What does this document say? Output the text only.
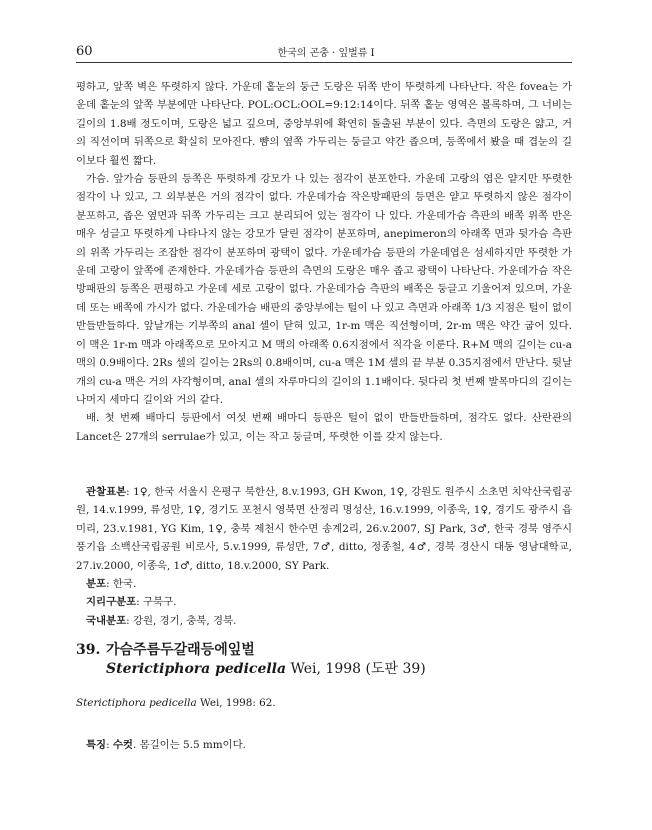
60	한국의 곤충 · 잎벌류 I

평하고, 앞쪽 벽은 뚜렷하지 않다. 가운데 홑눈의 둥근 도랑은 뒤쪽 반이 뚜렷하게 나타난다. 작은 fovea는 가운데 홑눈의 앞쪽 부분에만 나타난다. POL:OCL:OOL=9:12:14이다. 뒤쪽 홑눈 영역은 볼록하며, 그 너비는 길이의 1.8배 정도이며, 도랑은 넓고 깊으며, 중앙부위에 확연히 돌출된 부분이 있다. 측면의 도랑은 얇고, 거의 직선이며 뒤쪽으로 확실히 모아진다. 뺨의 옆쪽 가두리는 둥글고 약간 좁으며, 등쪽에서 봤을 때 겹눈의 길이보다 훨씬 짧다.

가슴. 앞가슴 등판의 등쪽은 뚜렷하게 강모가 나 있는 점각이 분포한다. 가운데 고랑의 엽은 얕지만 뚜렷한 점각이 나 있고, 그 외부분은 거의 점각이 없다. 가운데가슴 작은방패판의 등면은 얕고 뚜렷하지 않은 점각이 분포하고, 좁은 옆면과 뒤쪽 가두리는 크고 분리되어 있는 점각이 나 있다. 가운데가슴 측판의 배쪽 위쪽 반은 매우 성글고 뚜렷하게 나타나지 않는 강모가 달린 점각이 분포하며, anepimeron의 아래쪽 면과 뒷가슴 측판의 위쪽 가두리는 조잡한 점각이 분포하며 광택이 없다. 가운데가슴 등판의 가운데엽은 섬세하지만 뚜렷한 가운데 고랑이 앞쪽에 존재한다. 가운데가슴 등판의 측면의 도랑은 매우 좁고 광택이 나타난다. 가운데가슴 작은방패판의 등쪽은 편평하고 가운데 세로 고랑이 없다. 가운데가슴 측판의 배쪽은 둥글고 기울어져 있으며, 가운데 또는 배쪽에 가시가 없다. 가운데가슴 배판의 중앙부에는 털이 나 있고 측면과 아래쪽 1/3 지점은 털이 없이 반들반들하다. 앞날개는 기부쪽의 anal 셀이 닫혀 있고, 1r-m 맥은 직선형이며, 2r-m 맥은 약간 굽어 있다. 이 맥은 1r-m 맥과 아래쪽으로 모아지고 M 맥의 아래쪽 0.6지점에서 직각을 이룬다. R+M 맥의 길이는 cu-a 맥의 0.9배이다. 2Rs 셀의 길이는 2Rs의 0.8배이며, cu-a 맥은 1M 셀의 끝 부분 0.35지점에서 만난다. 뒷날개의 cu-a 맥은 거의 사각형이며, anal 셀의 자루마디의 길이의 1.1배이다. 뒷다리 첫 번째 발목마디의 길이는 나머지 세마디 길이와 거의 같다.

배. 첫 번째 배마디 등판에서 여섯 번째 배마디 등판은 털이 없이 반들반들하며, 점각도 없다. 산란관의 Lancet은 27개의 serrulae가 있고, 이는 작고 둥글며, 뚜렷한 이를 갖지 않는다.

관찰표본: 1♀, 한국 서울시 은평구 북한산, 8.v.1993, GH Kwon, 1♀, 강원도 원주시 소초면 치악산국립공원, 14.v.1999, 류성만, 1♀, 경기도 포천시 영북면 산정리 명성산, 16.v.1999, 이종욱, 1♀, 경기도 광주시 읍미리, 23.v.1981, YG Kim, 1♀, 충북 제천시 한수면 송계2리, 26.v.2007, SJ Park, 3♂, 한국 경북 영주시 풍기읍 소백산국립공원 비로사, 5.v.1999, 류성만, 7♂, ditto, 정종철, 4♂, 경북 경산시 대동 영남대학교, 27.iv.2000, 이종욱, 1♂, ditto, 18.v.2000, SY Park.

분포: 한국.
지리구분포: 구북구.
국내분포: 강원, 경기, 충북, 경북.
39. 가슴주름두갈래등에잎벌
Sterictiphora pedicella Wei, 1998 (도판 39)
Sterictiphora pedicella Wei, 1998: 62.
특징: 수컷. 몸길이는 5.5 mm이다.
